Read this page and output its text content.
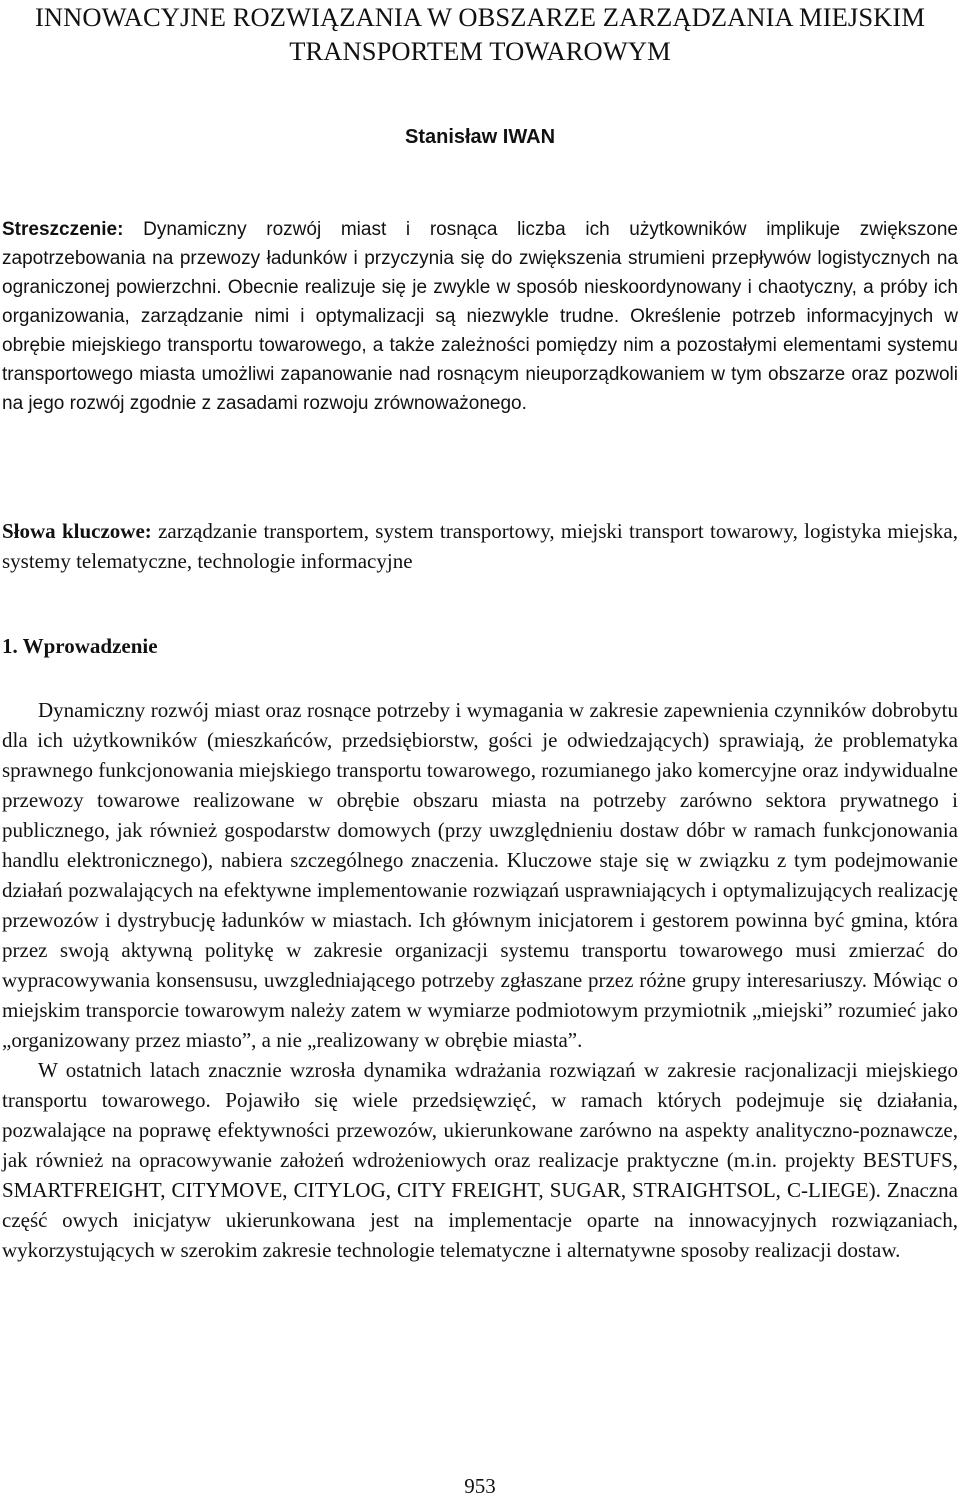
INNOWACYJNE ROZWIĄZANIA W OBSZARZE ZARZĄDZANIA MIEJSKIM TRANSPORTEM TOWAROWYM

Stanisław IWAN

Streszczenie: Dynamiczny rozwój miast i rosnąca liczba ich użytkowników implikuje zwiększone zapotrzebowania na przewozy ładunków i przyczynia się do zwiększenia strumieni przepływów logistycznych na ograniczonej powierzchni. Obecnie realizuje się je zwykle w sposób nieskoordynowany i chaotyczny, a próby ich organizowania, zarządzanie nimi i optymalizacji są niezwykle trudne. Określenie potrzeb informacyjnych w obrębie miejskiego transportu towarowego, a także zależności pomiędzy nim a pozostałymi elementami systemu transportowego miasta umożliwi zapanowanie nad rosnącym nieuporządkowaniem w tym obszarze oraz pozwoli na jego rozwój zgodnie z zasadami rozwoju zrównoważonego.

Słowa kluczowe: zarządzanie transportem, system transportowy, miejski transport towarowy, logistyka miejska, systemy telematyczne, technologie informacyjne

1. Wprowadzenie

Dynamiczny rozwój miast oraz rosnące potrzeby i wymagania w zakresie zapewnienia czynników dobrobytu dla ich użytkowników (mieszkańców, przedsiębiorstw, gości je odwiedzających) sprawiają, że problematyka sprawnego funkcjonowania miejskiego transportu towarowego, rozumianego jako komercyjne oraz indywidualne przewozy towarowe realizowane w obrębie obszaru miasta na potrzeby zarówno sektora prywatnego i publicznego, jak również gospodarstw domowych (przy uwzględnieniu dostaw dóbr w ramach funkcjonowania handlu elektronicznego), nabiera szczególnego znaczenia. Kluczowe staje się w związku z tym podejmowanie działań pozwalających na efektywne implementowanie rozwiązań usprawniających i optymalizujących realizację przewozów i dystrybucję ładunków w miastach. Ich głównym inicjatorem i gestorem powinna być gmina, która przez swoją aktywną politykę w zakresie organizacji systemu transportu towarowego musi zmierzać do wypracowywania konsensusu, uwzgledniającego potrzeby zgłaszane przez różne grupy interesariuszy. Mówiąc o miejskim transporcie towarowym należy zatem w wymiarze podmiotowym przymiotnik „miejski” rozumieć jako „organizowany przez miasto”, a nie „realizowany w obrębie miasta”.

W ostatnich latach znacznie wzrosła dynamika wdrażania rozwiązań w zakresie racjonalizacji miejskiego transportu towarowego. Pojawiło się wiele przedsięwzięć, w ramach których podejmuje się działania, pozwalające na poprawę efektywności przewozów, ukierunkowane zarówno na aspekty analityczno-poznawcze, jak również na opracowywanie założeń wdrożeniowych oraz realizacje praktyczne (m.in. projekty BESTUFS, SMARTFREIGHT, CITYMOVE, CITYLOG, CITY FREIGHT, SUGAR, STRAIGHTSOL, C-LIEGE). Znaczna część owych inicjatyw ukierunkowana jest na implementacje oparte na innowacyjnych rozwiązaniach, wykorzystujących w szerokim zakresie technologie telematyczne i alternatywne sposoby realizacji dostaw.

953
